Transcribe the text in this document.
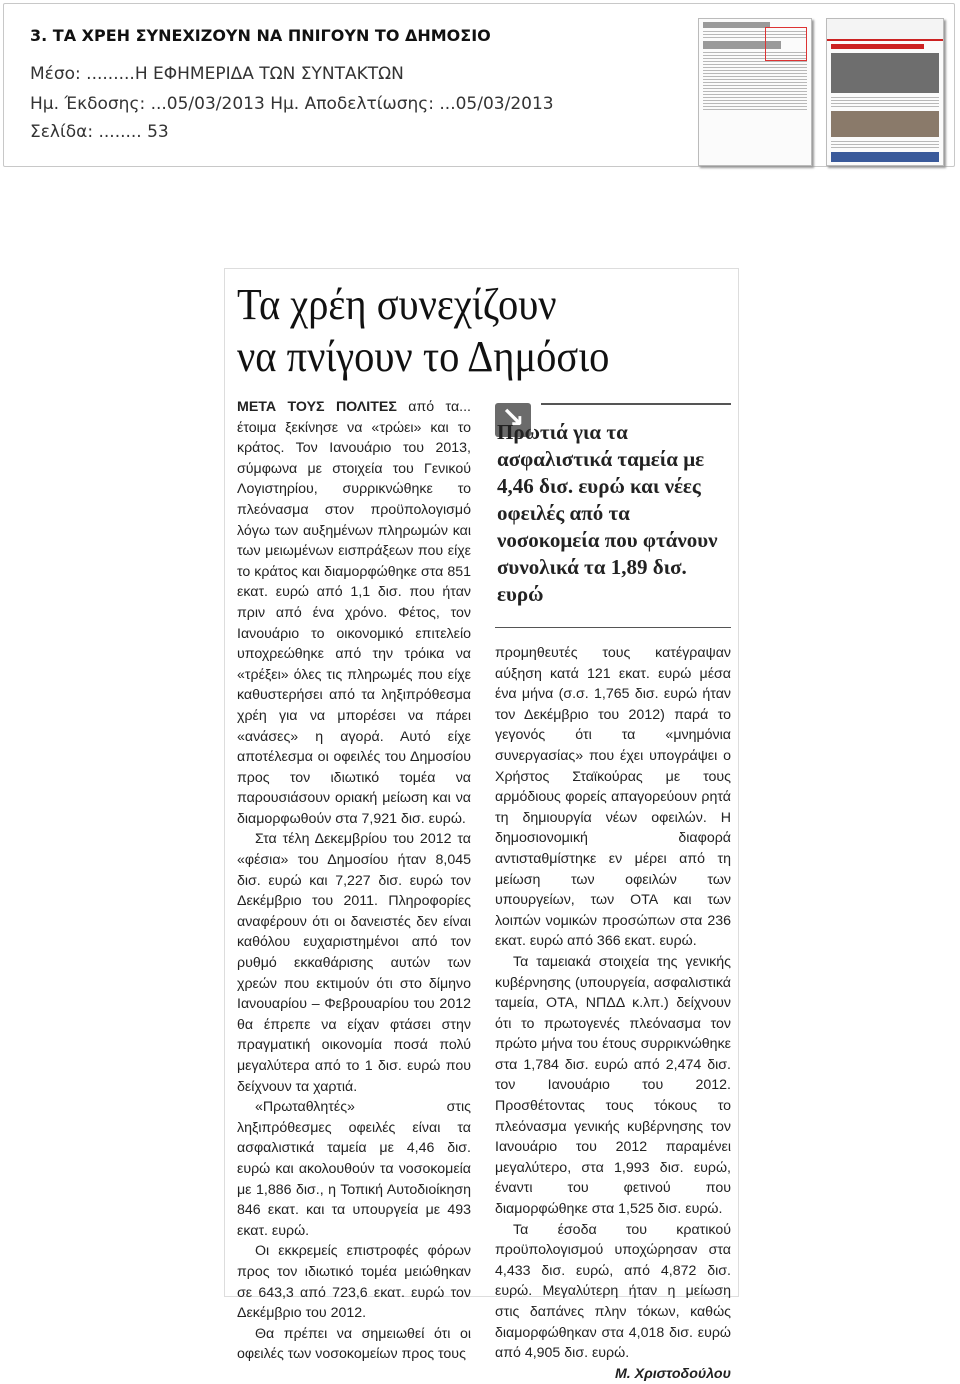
3. ΤΑ ΧΡΕΗ ΣΥΝΕΧΙΖΟΥΝ ΝΑ ΠΝΙΓΟΥΝ ΤΟ ΔΗΜΟΣΙΟ
Μέσο: .........Η ΕΦΗΜΕΡΙΔΑ ΤΩΝ ΣΥΝΤΑΚΤΩΝ
Ημ. Έκδοσης: ...05/03/2013 Ημ. Αποδελτίωσης: ...05/03/2013
Σελίδα: ........ 53
Τα χρέη συνεχίζουν
να πνίγουν το Δημόσιο

ΜΕΤΑ ΤΟΥΣ ΠΟΛΙΤΕΣ από τα... έτοιμα ξεκίνησε να «τρώει» και το κράτος. Τον Ιανουάριο του 2013, σύμφωνα με στοιχεία του Γενικού Λογιστηρίου, συρρικνώθηκε το πλεόνασμα στον προϋπολογισμό λόγω των αυξημένων πληρωμών και των μειωμένων εισπράξεων που είχε το κράτος και διαμορφώθηκε στα 851 εκατ. ευρώ από 1,1 δισ. που ήταν πριν από ένα χρόνο. Φέτος, τον Ιανουάριο το οικονομικό επιτελείο υποχρεώθηκε από την τρόικα να «τρέξει» όλες τις πληρωμές που είχε καθυστερήσει από τα ληξιπρόθεσμα χρέη για να μπορέσει να πάρει «ανάσες» η αγορά. Αυτό είχε αποτέλεσμα οι οφειλές του Δημοσίου προς τον ιδιωτικό τομέα να παρουσιάσουν οριακή μείωση και να διαμορφωθούν στα 7,921 δισ. ευρώ.

Στα τέλη Δεκεμβρίου του 2012 τα «φέσια» του Δημοσίου ήταν 8,045 δισ. ευρώ και 7,227 δισ. ευρώ τον Δεκέμβριο του 2011. Πληροφορίες αναφέρουν ότι οι δανειστές δεν είναι καθόλου ευχαριστημένοι από τον ρυθμό εκκαθάρισης αυτών των χρεών που εκτιμούν ότι στο δίμηνο Ιανουαρίου – Φεβρουαρίου του 2012 θα έπρεπε να είχαν φτάσει στην πραγματική οικονομία ποσά πολύ μεγαλύτερα από το 1 δισ. ευρώ που δείχνουν τα χαρτιά.

«Πρωταθλητές» στις ληξιπρόθεσμες οφειλές είναι τα ασφαλιστικά ταμεία με 4,46 δισ. ευρώ και ακολουθούν τα νοσοκομεία με 1,886 δισ., η Τοπική Αυτοδιοίκηση 846 εκατ. και τα υπουργεία με 493 εκατ. ευρώ.

Οι εκκρεμείς επιστροφές φόρων προς τον ιδιωτικό τομέα μειώθηκαν σε 643,3 από 723,6 εκατ. ευρώ τον Δεκέμβριο του 2012.

Θα πρέπει να σημειωθεί ότι οι οφειλές των νοσοκομείων προς τους

↘
Πρωτιά για τα ασφαλιστικά ταμεία με 4,46 δισ. ευρώ και νέες οφειλές από τα νοσοκομεία που φτάνουν συνολικά τα 1,89 δισ. ευρώ

προμηθευτές τους κατέγραψαν αύξηση κατά 121 εκατ. ευρώ μέσα ένα μήνα (σ.σ. 1,765 δισ. ευρώ ήταν τον Δεκέμβριο του 2012) παρά το γεγονός ότι τα «μνημόνια συνεργασίας» που έχει υπογράψει ο Χρήστος Σταϊκούρας με τους αρμόδιους φορείς απαγορεύουν ρητά τη δημιουργία νέων οφειλών. Η δημοσιονομική διαφορά αντισταθμίστηκε εν μέρει από τη μείωση των οφειλών των υπουργείων, των ΟΤΑ και των λοιπών νομικών προσώπων στα 236 εκατ. ευρώ από 366 εκατ. ευρώ.

Τα ταμειακά στοιχεία της γενικής κυβέρνησης (υπουργεία, ασφαλιστικά ταμεία, ΟΤΑ, ΝΠΔΔ κ.λπ.) δείχνουν ότι το πρωτογενές πλεόνασμα τον πρώτο μήνα του έτους συρρικνώθηκε στα 1,784 δισ. ευρώ από 2,474 δισ. τον Ιανουάριο του 2012. Προσθέτοντας τους τόκους το πλεόνασμα γενικής κυβέρνησης τον Ιανουάριο του 2012 παραμένει μεγαλύτερο, στα 1,993 δισ. ευρώ, έναντι του φετινού που διαμορφώθηκε στα 1,525 δισ. ευρώ.

Τα έσοδα του κρατικού προϋπολογισμού υποχώρησαν στα 4,433 δισ. ευρώ, από 4,872 δισ. ευρώ. Μεγαλύτερη ήταν η μείωση στις δαπάνες πλην τόκων, καθώς διαμορφώθηκαν στα 4,018 δισ. ευρώ από 4,905 δισ. ευρώ.

Μ. Χριστοδούλου
